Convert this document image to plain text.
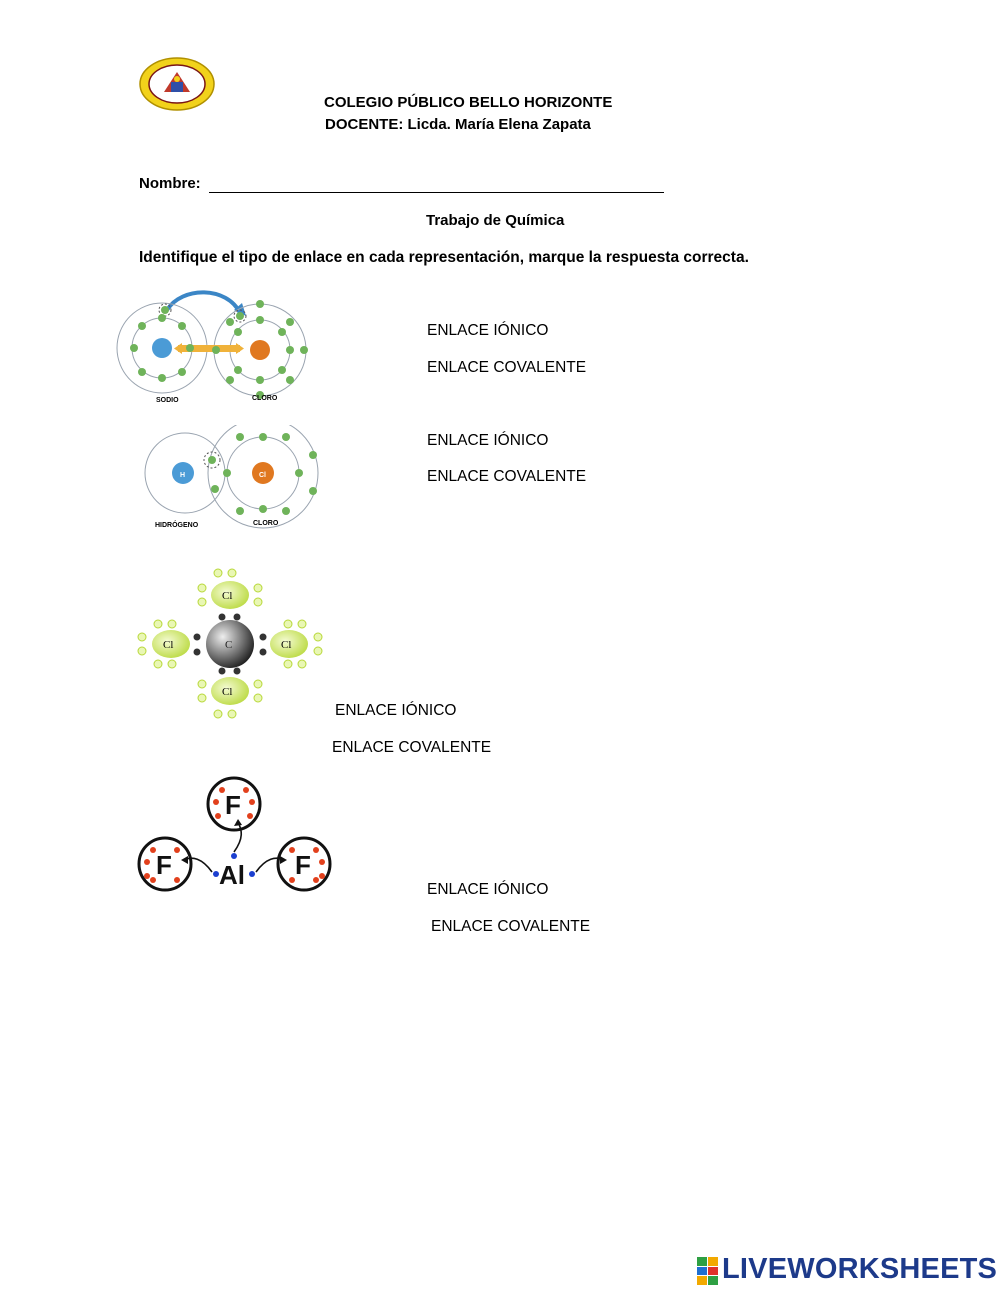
COLEGIO PÚBLICO BELLO HORIZONTE
DOCENTE: Licda. María Elena Zapata
Nombre:
Trabajo de Química
Identifique el tipo de enlace en cada representación, marque la respuesta correcta.
SODIO	CLORO
ENLACE IÓNICO
ENLACE COVALENTE
H	Cl
HIDRÓGENO	CLORO
ENLACE IÓNICO
ENLACE COVALENTE
C
Cl
Cl
Cl	Cl
ENLACE IÓNICO
ENLACE COVALENTE
F
F	F
Al	ENLACE IÓNICO
ENLACE COVALENTE
LIVEWORKSHEETS
